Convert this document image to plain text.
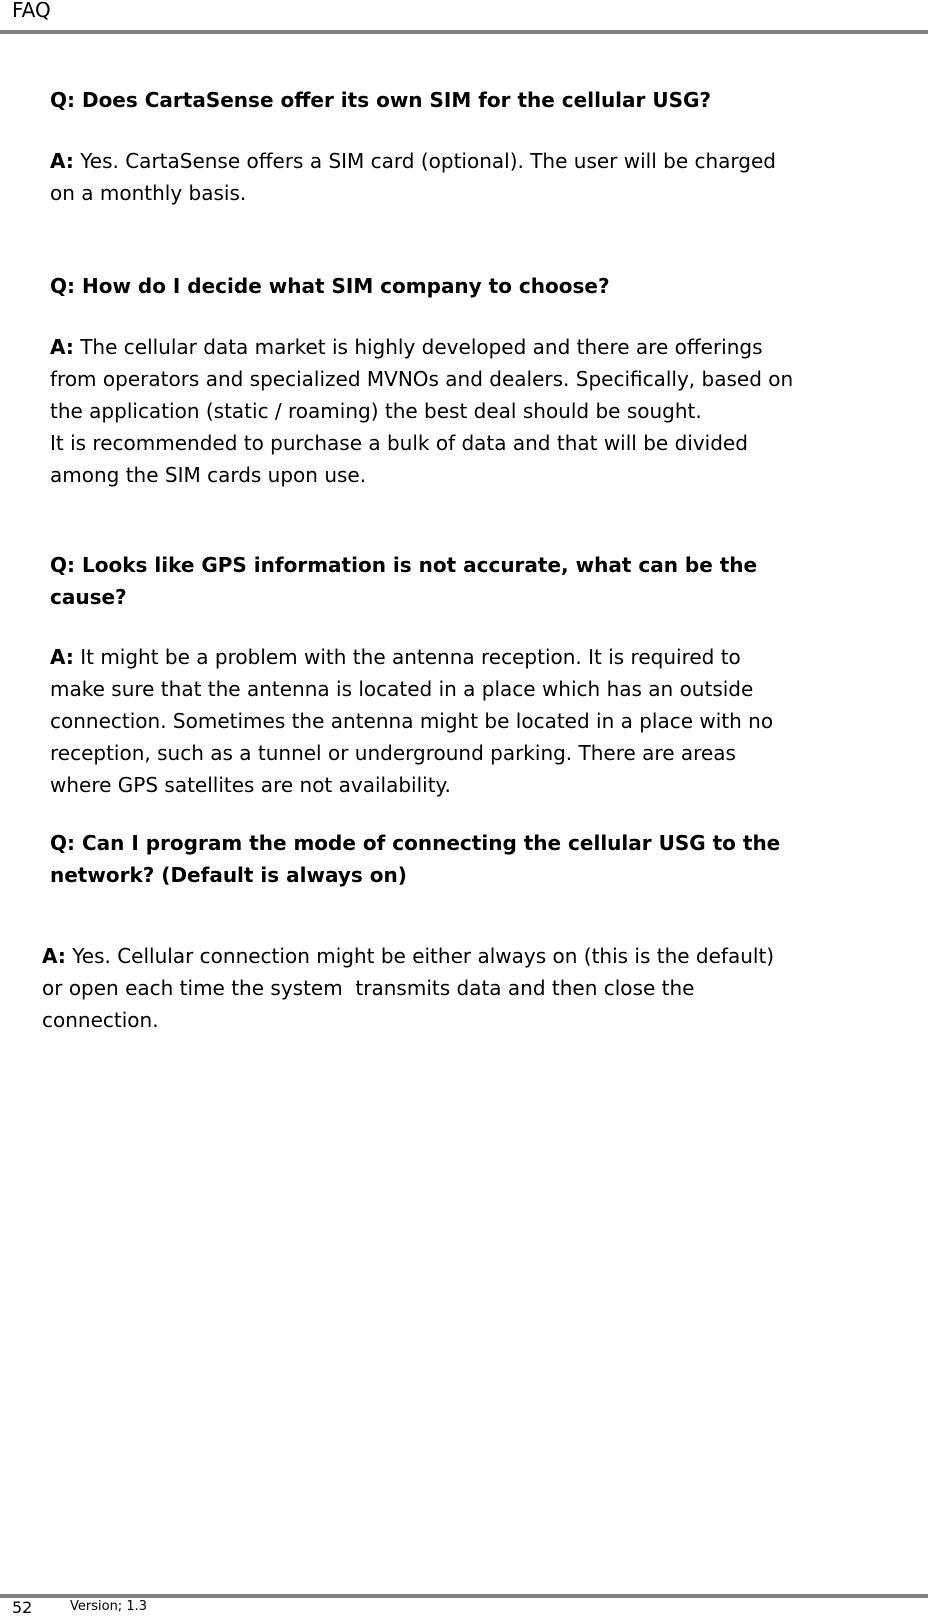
FAQ
Q: Does CartaSense offer its own SIM for the cellular USG?
A: Yes. CartaSense offers a SIM card (optional). The user will be charged
on a monthly basis.
Q: How do I decide what SIM company to choose?
A: The cellular data market is highly developed and there are offerings
from operators and specialized MVNOs and dealers. Specifically, based on
the application (static / roaming) the best deal should be sought.
It is recommended to purchase a bulk of data and that will be divided
among the SIM cards upon use.
Q: Looks like GPS information is not accurate, what can be the
cause?
A: It might be a problem with the antenna reception. It is required to
make sure that the antenna is located in a place which has an outside
connection. Sometimes the antenna might be located in a place with no
reception, such as a tunnel or underground parking. There are areas
where GPS satellites are not availability.
Q: Can I program the mode of connecting the cellular USG to the
network? (Default is always on)
A: Yes. Cellular connection might be either always on (this is the default)
or open each time the system  transmits data and then close the
connection.
52	Version; 1.3
